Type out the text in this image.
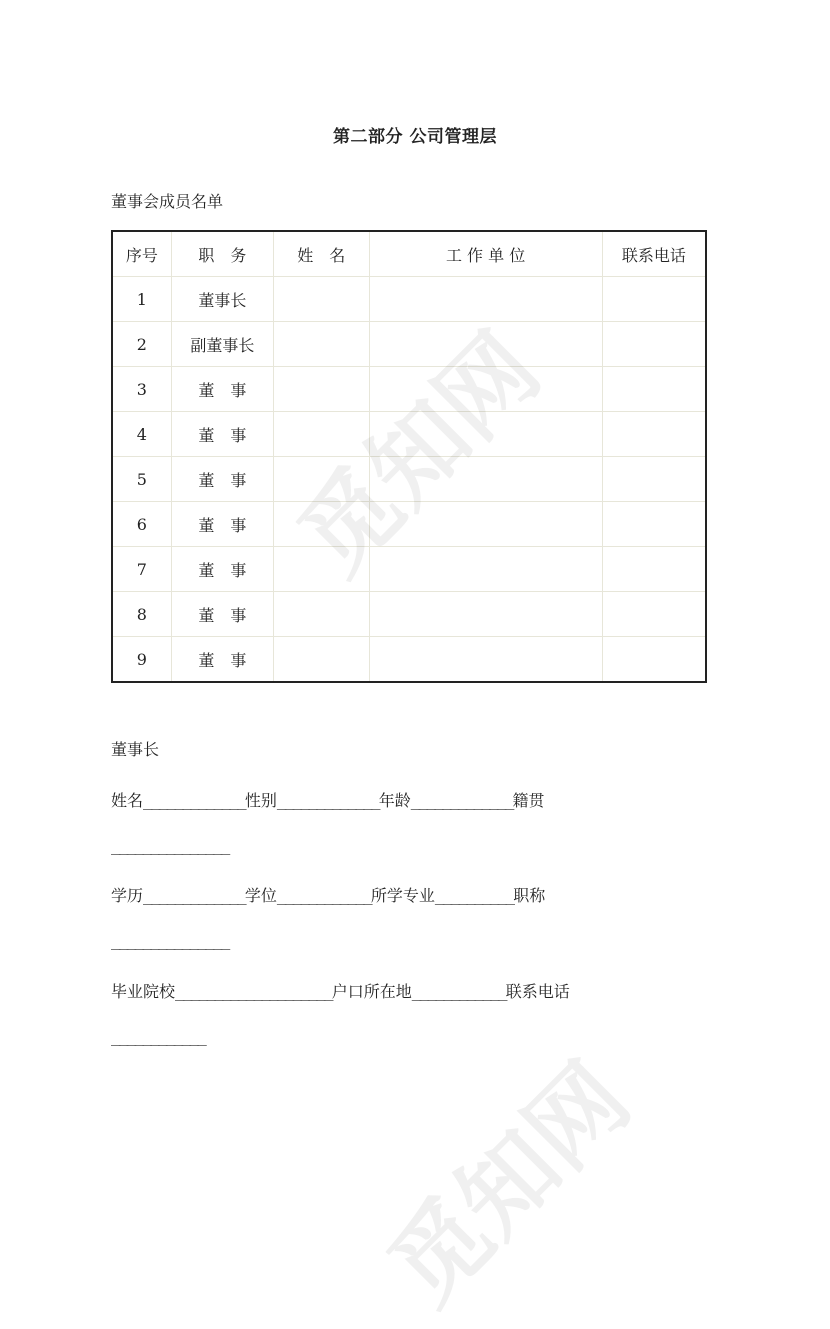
第二部分 公司管理层
董事会成员名单
序号	职　务	姓　名	工 作 单 位	联系电话
1	董事长			
2	副董事长			
3	董　事			
4	董　事			
5	董　事			
6	董　事			
7	董　事			
8	董　事			
9	董　事			
董事长
姓名_____________性别_____________年龄_____________籍贯
_______________
学历_____________学位____________所学专业__________职称
_______________
毕业院校____________________户口所在地____________联系电话
____________
觅知网
觅知网
